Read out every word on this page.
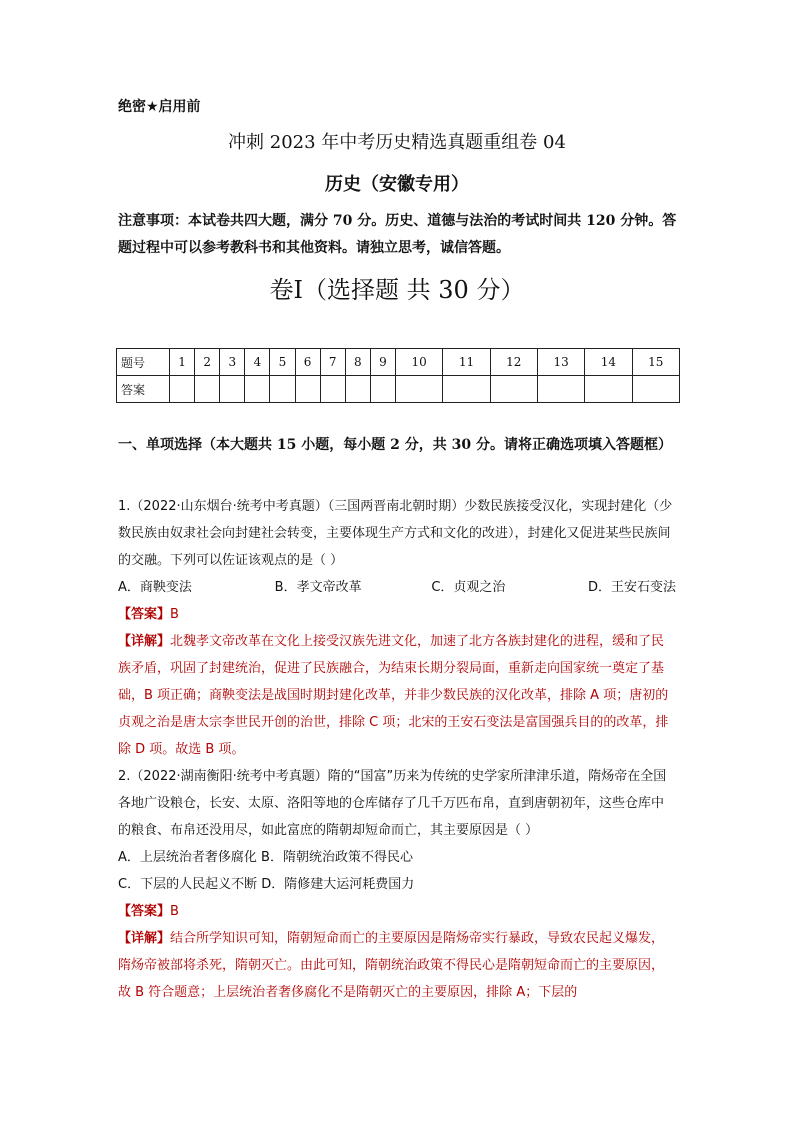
绝密★启用前
冲刺 2023 年中考历史精选真题重组卷 04
历史（安徽专用）
注意事项：本试卷共四大题，满分 70 分。历史、道德与法治的考试时间共 120 分钟。答题过程中可以参考教科书和其他资料。请独立思考，诚信答题。
卷Ⅰ（选择题 共 30 分）
题号	1	2	3	4	5	6	7	8	9	10	11	12	13	14	15
答案															
一、单项选择（本大题共 15 小题，每小题 2 分，共 30 分。请将正确选项填入答题框）
1.（2022·山东烟台·统考中考真题）（三国两晋南北朝时期）少数民族接受汉化，实现封建化（少数民族由奴隶社会向封建社会转变，主要体现生产方式和文化的改进），封建化又促进某些民族间的交融。下列可以佐证该观点的是（ ）
A．商鞅变法	B．孝文帝改革	C．贞观之治	D．王安石变法
【答案】B
【详解】北魏孝文帝改革在文化上接受汉族先进文化，加速了北方各族封建化的进程，缓和了民族矛盾，巩固了封建统治，促进了民族融合，为结束长期分裂局面，重新走向国家统一奠定了基础，B 项正确；商鞅变法是战国时期封建化改革，并非少数民族的汉化改革，排除 A 项；唐初的贞观之治是唐太宗李世民开创的治世，排除 C 项；北宋的王安石变法是富国强兵目的的改革，排除 D 项。故选 B 项。
2.（2022·湖南衡阳·统考中考真题）隋的“国富”历来为传统的史学家所津津乐道，隋炀帝在全国各地广设粮仓，长安、太原、洛阳等地的仓库储存了几千万匹布帛，直到唐朝初年，这些仓库中的粮食、布帛还没用尽，如此富庶的隋朝却短命而亡，其主要原因是（ ）
A．上层统治者奢侈腐化 B．隋朝统治政策不得民心
C．下层的人民起义不断 D．隋修建大运河耗费国力
【答案】B
【详解】结合所学知识可知，隋朝短命而亡的主要原因是隋炀帝实行暴政，导致农民起义爆发，隋炀帝被部将杀死，隋朝灭亡。由此可知，隋朝统治政策不得民心是隋朝短命而亡的主要原因，故 B 符合题意；上层统治者奢侈腐化不是隋朝灭亡的主要原因，排除 A；下层的
